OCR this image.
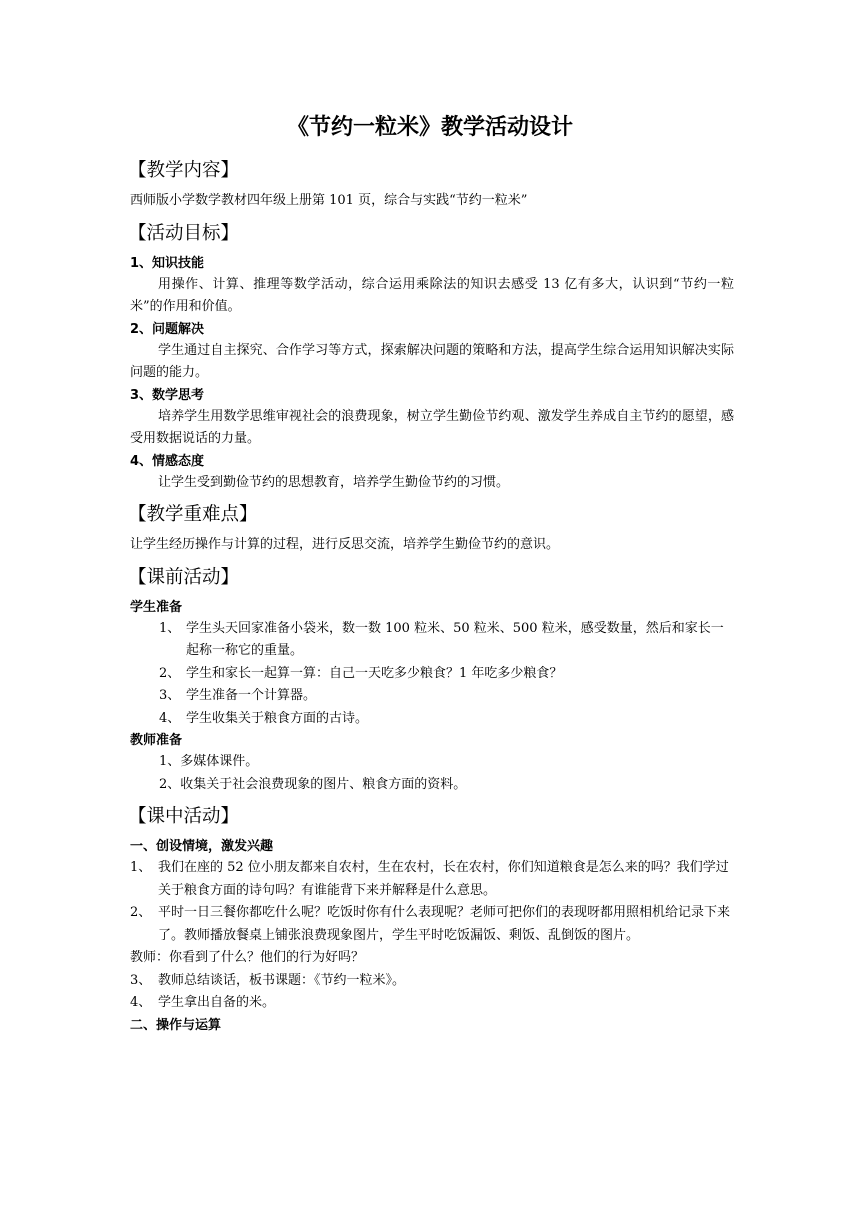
《节约一粒米》教学活动设计
【教学内容】
西师版小学数学教材四年级上册第 101 页，综合与实践“节约一粒米”
【活动目标】
1、知识技能
用操作、计算、推理等数学活动，综合运用乘除法的知识去感受 13 亿有多大，认识到“节约一粒米”的作用和价值。
2、问题解决
学生通过自主探究、合作学习等方式，探索解决问题的策略和方法，提高学生综合运用知识解决实际问题的能力。
3、数学思考
培养学生用数学思维审视社会的浪费现象，树立学生勤俭节约观、激发学生养成自主节约的愿望，感受用数据说话的力量。
4、情感态度
让学生受到勤俭节约的思想教育，培养学生勤俭节约的习惯。
【教学重难点】
让学生经历操作与计算的过程，进行反思交流，培养学生勤俭节约的意识。
【课前活动】
学生准备
1、 学生头天回家准备小袋米，数一数 100 粒米、50 粒米、500 粒米，感受数量，然后和家长一起称一称它的重量。
2、 学生和家长一起算一算：自己一天吃多少粮食？1 年吃多少粮食？
3、 学生准备一个计算器。
4、 学生收集关于粮食方面的古诗。
教师准备
1、多媒体课件。
2、收集关于社会浪费现象的图片、粮食方面的资料。
【课中活动】
一、创设情境，激发兴趣
1、 我们在座的 52 位小朋友都来自农村，生在农村，长在农村，你们知道粮食是怎么来的吗？我们学过关于粮食方面的诗句吗？有谁能背下来并解释是什么意思。
2、 平时一日三餐你都吃什么呢？吃饭时你有什么表现呢？老师可把你们的表现呀都用照相机给记录下来了。教师播放餐桌上铺张浪费现象图片，学生平时吃饭漏饭、剩饭、乱倒饭的图片。
教师：你看到了什么？他们的行为好吗？
3、 教师总结谈话，板书课题：《节约一粒米》。
4、 学生拿出自备的米。
二、操作与运算
